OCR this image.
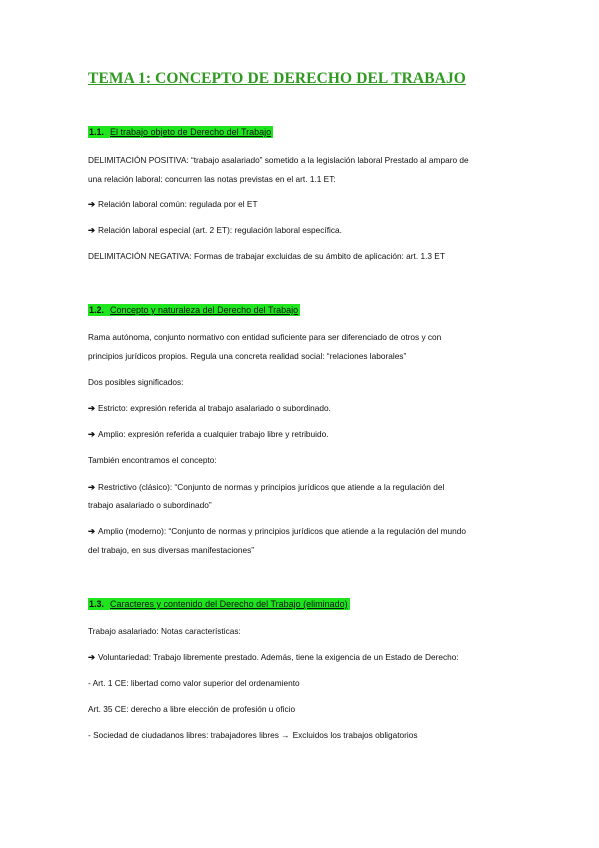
TEMA 1: CONCEPTO DE DERECHO DEL TRABAJO
1.1. El trabajo objeto de Derecho del Trabajo
DELIMITACIÓN POSITIVA: “trabajo asalariado” sometido a la legislación laboral Prestado al amparo de
una relación laboral: concurren las notas previstas en el art. 1.1 ET:
➔ Relación laboral común: regulada por el ET
➔ Relación laboral especial (art. 2 ET): regulación laboral específica.
DELIMITACIÓN NEGATIVA: Formas de trabajar excluidas de su ámbito de aplicación: art. 1.3 ET
1.2. Concepto y naturaleza del Derecho del Trabajo
Rama autónoma, conjunto normativo con entidad suficiente para ser diferenciado de otros y con
principios jurídicos propios. Regula una concreta realidad social: “relaciones laborales”
Dos posibles significados:
➔ Estricto: expresión referida al trabajo asalariado o subordinado.
➔ Amplio: expresión referida a cualquier trabajo libre y retribuido.
También encontramos el concepto:
➔ Restrictivo (clásico): “Conjunto de normas y principios jurídicos que atiende a la regulación del
trabajo asalariado o subordinado”
➔ Amplio (moderno): “Conjunto de normas y principios jurídicos que atiende a la regulación del mundo
del trabajo, en sus diversas manifestaciones”
1.3. Caracteres y contenido del Derecho del Trabajo (eliminado)
Trabajo asalariado: Notas características:
➔ Voluntariedad: Trabajo libremente prestado. Además, tiene la exigencia de un Estado de Derecho:
- Art. 1 CE: libertad como valor superior del ordenamiento
Art. 35 CE: derecho a libre elección de profesión u oficio
- Sociedad de ciudadanos libres: trabajadores libres → Excluidos los trabajos obligatorios
